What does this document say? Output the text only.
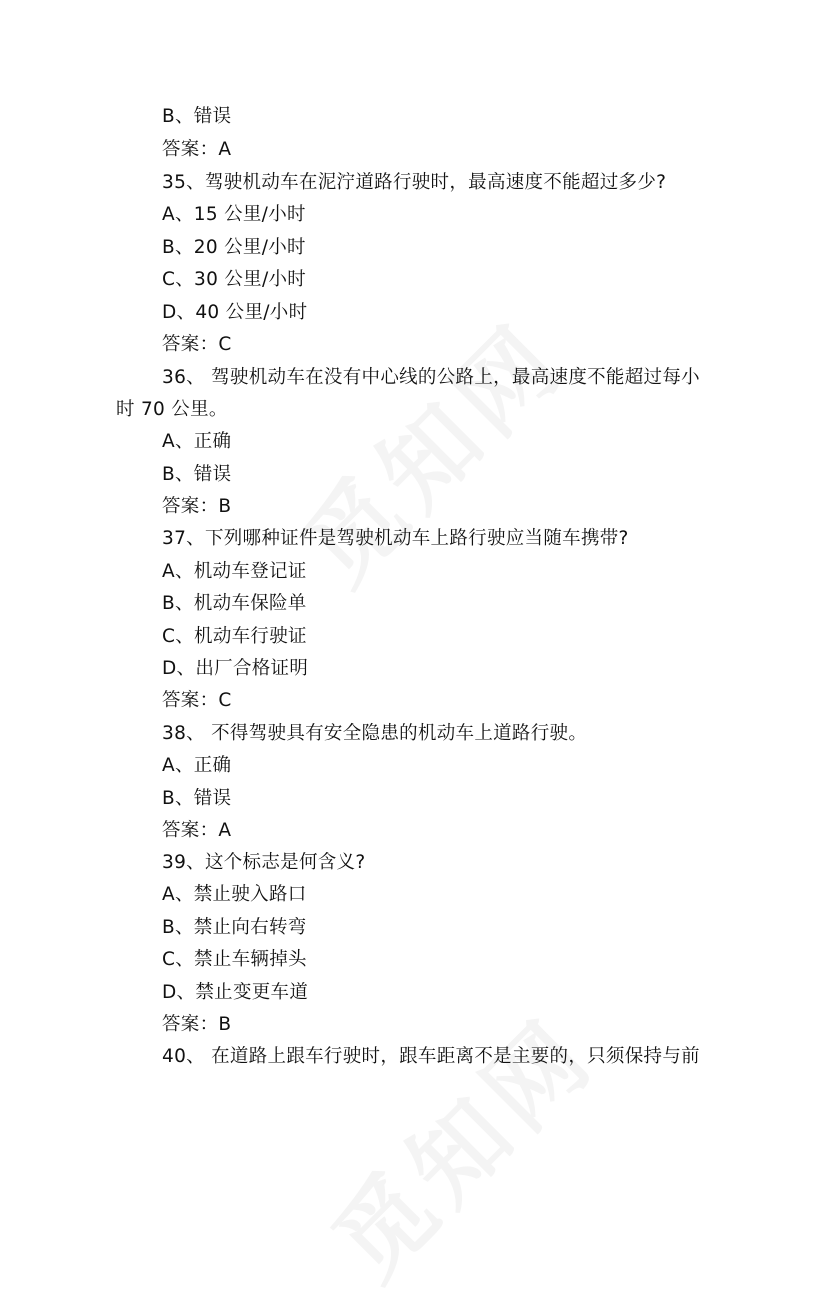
B、错误
答案：A
35、驾驶机动车在泥泞道路行驶时，最高速度不能超过多少?
A、15 公里/小时
B、20 公里/小时
C、30 公里/小时
D、40 公里/小时
答案：C
36、 驾驶机动车在没有中心线的公路上，最高速度不能超过每小
时 70 公里。
A、正确
B、错误
答案：B
37、下列哪种证件是驾驶机动车上路行驶应当随车携带?
A、机动车登记证
B、机动车保险单
C、机动车行驶证
D、出厂合格证明
答案：C
38、 不得驾驶具有安全隐患的机动车上道路行驶。
A、正确
B、错误
答案：A
39、这个标志是何含义?
A、禁止驶入路口
B、禁止向右转弯
C、禁止车辆掉头
D、禁止变更车道
答案：B
40、 在道路上跟车行驶时，跟车距离不是主要的，只须保持与前
